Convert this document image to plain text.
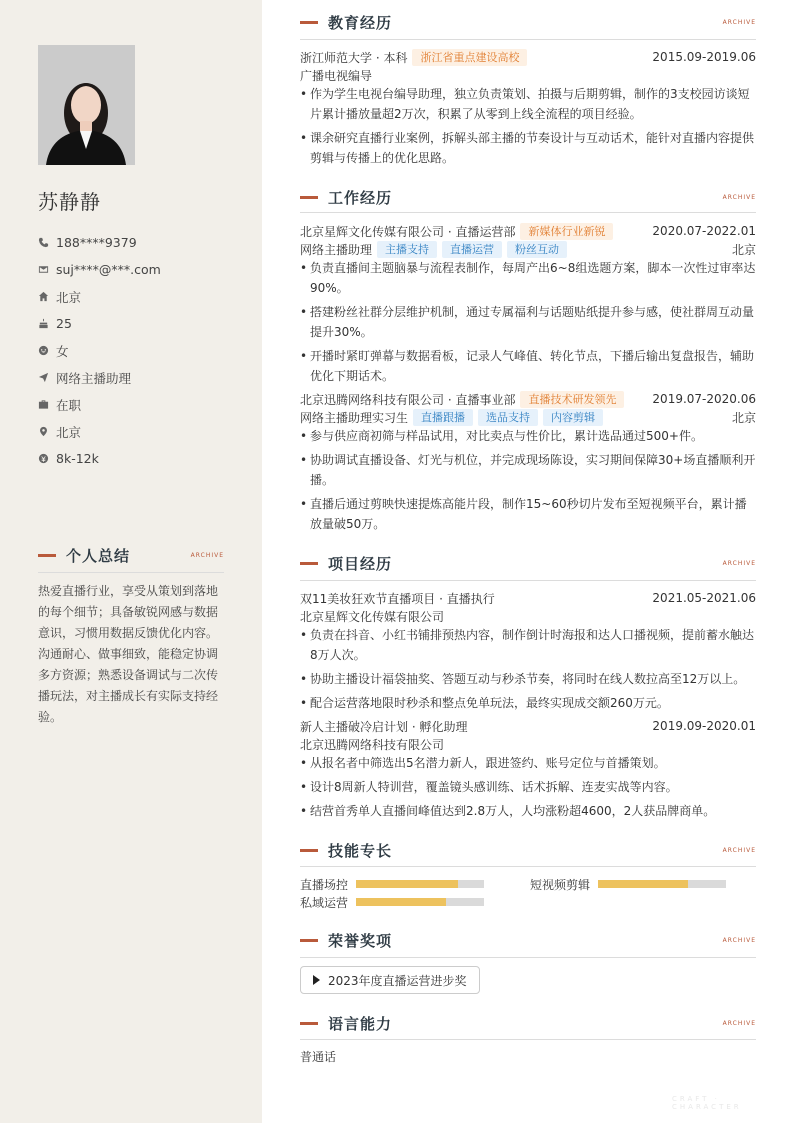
苏静静
188****9379
suj****@***.com
北京
25
女
网络主播助理
在职
北京
8k-12k
个人总结	ARCHIVE

热爱直播行业，享受从策划到落地的每个细节；具备敏锐网感与数据意识，习惯用数据反馈优化内容。沟通耐心、做事细致，能稳定协调多方资源；熟悉设备调试与二次传播玩法，对主播成长有实际支持经验。

教育经历	ARCHIVE
浙江师范大学 · 本科	浙江省重点建设高校	2015.09-2019.06
广播电视编导

• 作为学生电视台编导助理，独立负责策划、拍摄与后期剪辑，制作的3支校园访谈短片累计播放量超2万次，积累了从零到上线全流程的项目经验。

• 课余研究直播行业案例，拆解头部主播的节奏设计与互动话术，能针对直播内容提供剪辑与传播上的优化思路。

工作经历	ARCHIVE
北京星辉文化传媒有限公司 · 直播运营部	新媒体行业新锐	2020.07-2022.01
网络主播助理	主播支持	直播运营	粉丝互动	北京

• 负责直播间主题脑暴与流程表制作，每周产出6~8组选题方案，脚本一次性过审率达90%。

• 搭建粉丝社群分层维护机制，通过专属福利与话题贴纸提升参与感，使社群周互动量提升30%。

• 开播时紧盯弹幕与数据看板，记录人气峰值、转化节点，下播后输出复盘报告，辅助优化下期话术。

北京迅腾网络科技有限公司 · 直播事业部	直播技术研发领先	2019.07-2020.06
网络主播助理实习生	直播跟播	选品支持	内容剪辑	北京

• 参与供应商初筛与样品试用，对比卖点与性价比，累计选品通过500+件。

• 协助调试直播设备、灯光与机位，并完成现场陈设，实习期间保障30+场直播顺利开播。

• 直播后通过剪映快速提炼高能片段，制作15~60秒切片发布至短视频平台，累计播放量破50万。

项目经历	ARCHIVE
双11美妆狂欢节直播项目 · 直播执行	2021.05-2021.06
北京星辉文化传媒有限公司

• 负责在抖音、小红书铺排预热内容，制作倒计时海报和达人口播视频，提前蓄水触达8万人次。

• 协助主播设计福袋抽奖、答题互动与秒杀节奏，将同时在线人数拉高至12万以上。

• 配合运营落地限时秒杀和整点免单玩法，最终实现成交额260万元。

新人主播破冷启计划 · 孵化助理	2019.09-2020.01
北京迅腾网络科技有限公司

• 从报名者中筛选出5名潜力新人，跟进签约、账号定位与首播策划。

• 设计8周新人特训营，覆盖镜头感训练、话术拆解、连麦实战等内容。

• 结营首秀单人直播间峰值达到2.8万人，人均涨粉超4600，2人获品牌商单。

技能专长	ARCHIVE
直播场控	短视频剪辑
私域运营
荣誉奖项	ARCHIVE
2023年度直播运营进步奖
语言能力	ARCHIVE
普通话
CRAFT · CHARACTER
